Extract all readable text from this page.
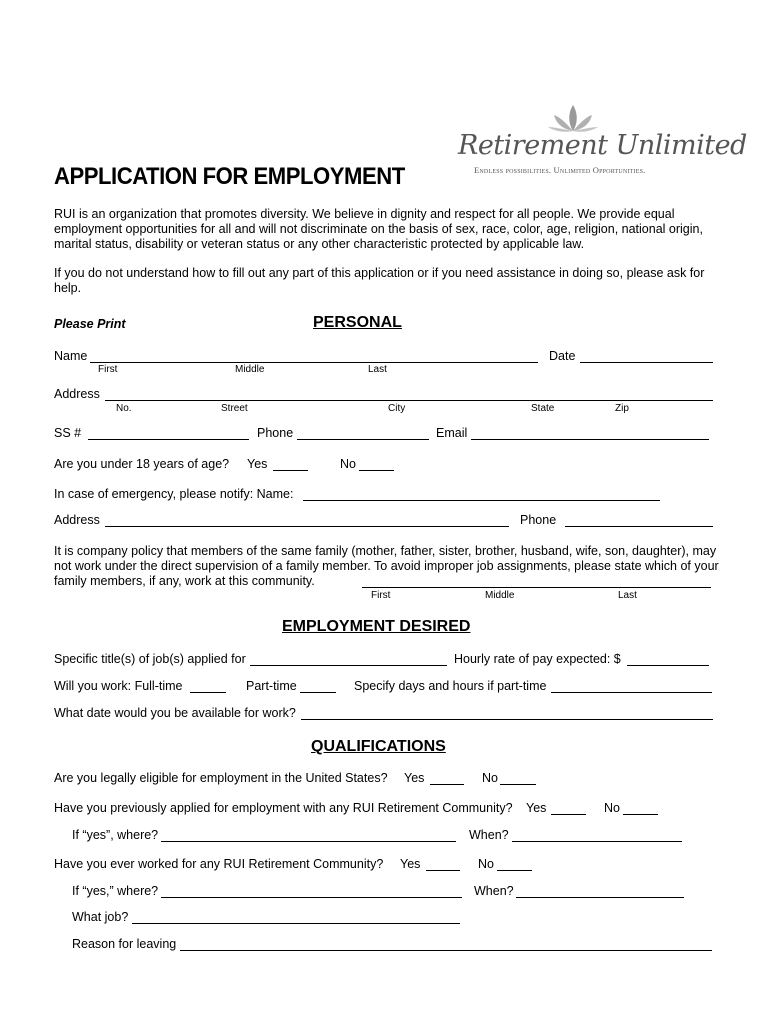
Retirement Unlimited
Endless possibilities. Unlimited Opportunities.
APPLICATION FOR EMPLOYMENT
RUI is an organization that promotes diversity. We believe in dignity and respect for all people. We provide equal employment opportunities for all and will not discriminate on the basis of sex, race, color, age, religion, national origin, marital status, disability or veteran status or any other characteristic protected by applicable law.
If you do not understand how to fill out any part of this application or if you need assistance in doing so, please ask for help.
Please Print	PERSONAL
Name
First	Middle	Last
Date
Address
No.	Street	City	State	Zip
SS #	Phone	Email
Are you under 18 years of age? Yes	No
In case of emergency, please notify: Name:
Address	Phone
It is company policy that members of the same family (mother, father, sister, brother, husband, wife, son, daughter), may not work under the direct supervision of a family member. To avoid improper job assignments, please state which of your family members, if any, work at this community.
First	Middle	Last
EMPLOYMENT DESIRED
Specific title(s) of job(s) applied for	Hourly rate of pay expected: $
Will you work: Full-time	Part-time	Specify days and hours if part-time
What date would you be available for work?
QUALIFICATIONS
Are you legally eligible for employment in the United States? Yes	No
Have you previously applied for employment with any RUI Retirement Community? Yes	No
If “yes”, where?	When?
Have you ever worked for any RUI Retirement Community? Yes	No
If “yes,” where?	When?
What job?
Reason for leaving
